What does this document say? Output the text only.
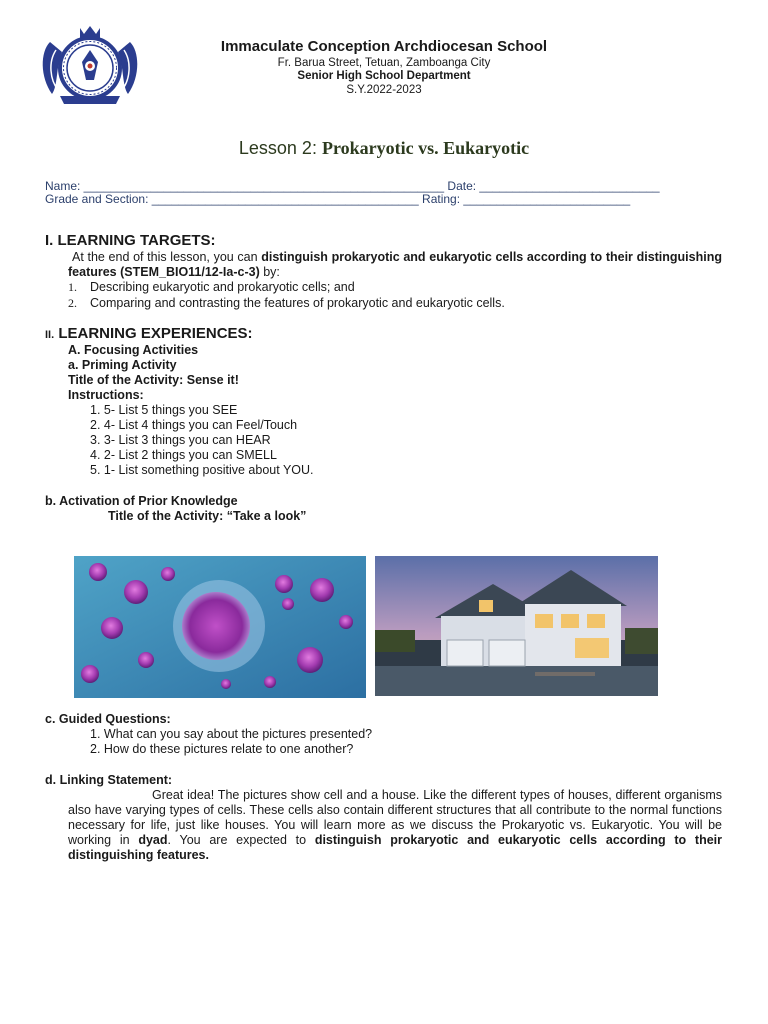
Immaculate Conception Archdiocesan School
Fr. Barua Street, Tetuan, Zamboanga City
Senior High School Department
S.Y.2022-2023
Lesson 2: Prokaryotic vs. Eukaryotic
Name: ______________________________________________________ Date: ___________________________
Grade and Section: ________________________________________ Rating: _________________________
I. LEARNING TARGETS:
At the end of this lesson, you can distinguish prokaryotic and eukaryotic cells according to their distinguishing features (STEM_BIO11/12-Ia-c-3) by:
1. Describing eukaryotic and prokaryotic cells; and
2. Comparing and contrasting the features of prokaryotic and eukaryotic cells.
II. LEARNING EXPERIENCES:
A. Focusing Activities
a. Priming Activity
Title of the Activity: Sense it!
Instructions:
1. 5- List 5 things you SEE
2. 4- List 4 things you can Feel/Touch
3. 3- List 3 things you can HEAR
4. 2- List 2 things you can SMELL
5. 1- List something positive about YOU.
b. Activation of Prior Knowledge
Title of the Activity: “Take a look”
c. Guided Questions:
1. What can you say about the pictures presented?
2. How do these pictures relate to one another?
d. Linking Statement:
Great idea! The pictures show cell and a house. Like the different types of houses, different organisms also have varying types of cells. These cells also contain different structures that all contribute to the normal functions necessary for life, just like houses. You will learn more as we discuss the Prokaryotic vs. Eukaryotic. You will be working in dyad. You are expected to distinguish prokaryotic and eukaryotic cells according to their distinguishing features.
